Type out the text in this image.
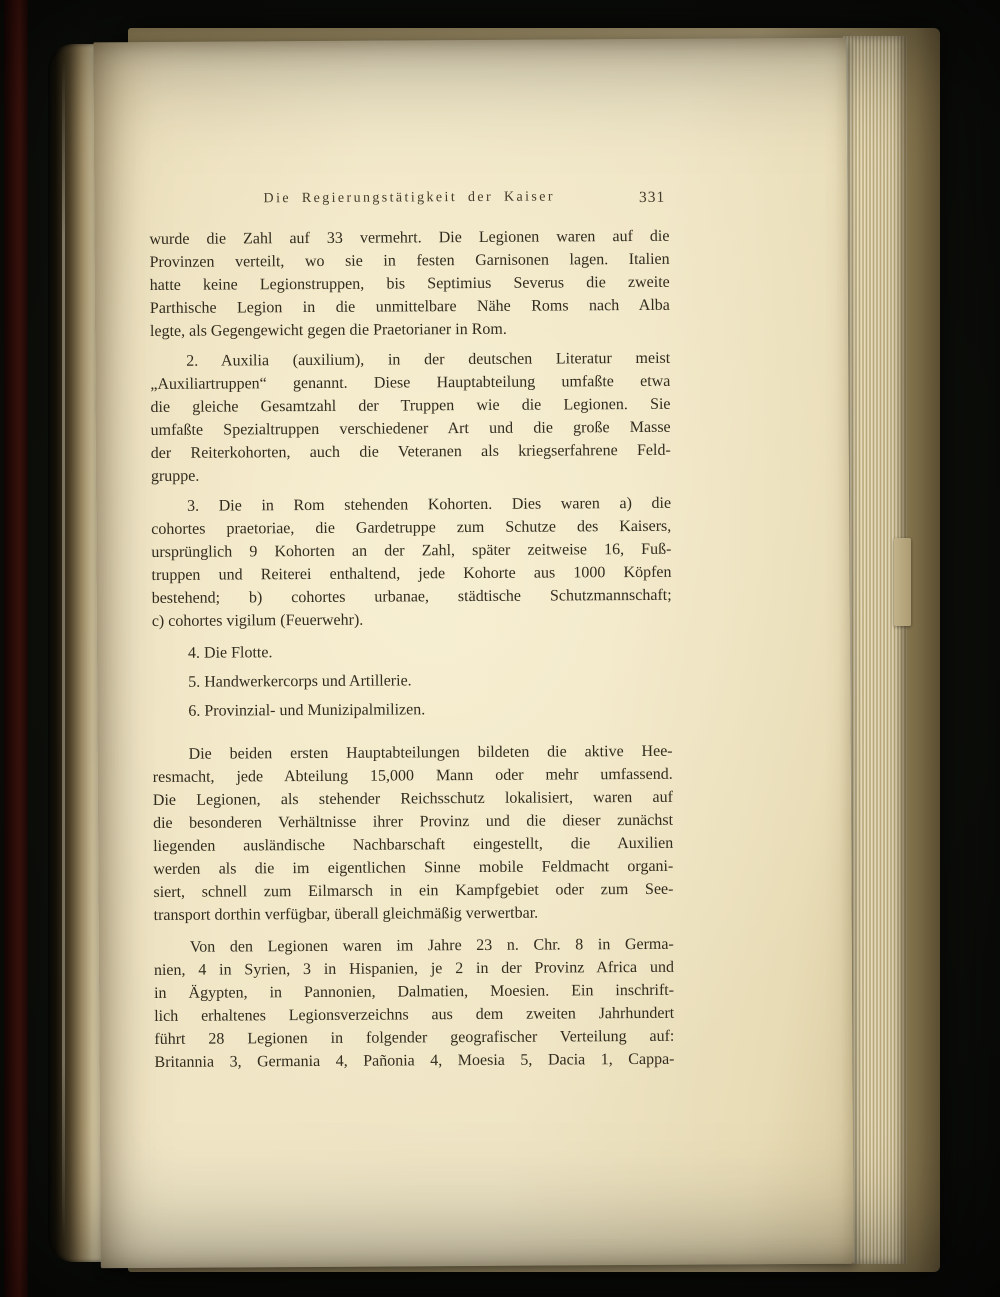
Die Regierungstätigkeit der Kaiser	331
wurde die Zahl auf 33 vermehrt. Die Legionen waren auf die
Provinzen verteilt, wo sie in festen Garnisonen lagen. Italien
hatte keine Legionstruppen, bis Septimius Severus die zweite
Parthische Legion in die unmittelbare Nähe Roms nach Alba
legte, als Gegengewicht gegen die Praetorianer in Rom.
2. Auxilia (auxilium), in der deutschen Literatur meist
„Auxiliartruppen“ genannt. Diese Hauptabteilung umfaßte etwa
die gleiche Gesamtzahl der Truppen wie die Legionen. Sie
umfaßte Spezialtruppen verschiedener Art und die große Masse
der Reiterkohorten, auch die Veteranen als kriegserfahrene Feld-
gruppe.
3. Die in Rom stehenden Kohorten. Dies waren a) die
cohortes praetoriae, die Gardetruppe zum Schutze des Kaisers,
ursprünglich 9 Kohorten an der Zahl, später zeitweise 16, Fuß-
truppen und Reiterei enthaltend, jede Kohorte aus 1000 Köpfen
bestehend; b) cohortes urbanae, städtische Schutzmannschaft;
c) cohortes vigilum (Feuerwehr).
4. Die Flotte.
5. Handwerkercorps und Artillerie.
6. Provinzial- und Munizipalmilizen.
Die beiden ersten Hauptabteilungen bildeten die aktive Hee-
resmacht, jede Abteilung 15,000 Mann oder mehr umfassend.
Die Legionen, als stehender Reichsschutz lokalisiert, waren auf
die besonderen Verhältnisse ihrer Provinz und die dieser zunächst
liegenden ausländische Nachbarschaft eingestellt, die Auxilien
werden als die im eigentlichen Sinne mobile Feldmacht organi-
siert, schnell zum Eilmarsch in ein Kampfgebiet oder zum See-
transport dorthin verfügbar, überall gleichmäßig verwertbar.
Von den Legionen waren im Jahre 23 n. Chr. 8 in Germa-
nien, 4 in Syrien, 3 in Hispanien, je 2 in der Provinz Africa und
in Ägypten, in Pannonien, Dalmatien, Moesien. Ein inschrift-
lich erhaltenes Legionsverzeichns aus dem zweiten Jahrhundert
führt 28 Legionen in folgender geografischer Verteilung auf:
Britannia 3, Germania 4, Pañonia 4, Moesia 5, Dacia 1, Cappa-
